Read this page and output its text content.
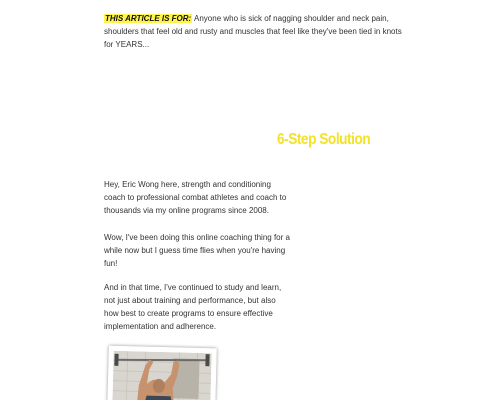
THIS ARTICLE IS FOR: Anyone who is sick of nagging shoulder and neck pain, shoulders that feel old and rusty and muscles that feel like they've been tied in knots for YEARS...

6-Step Solution

Hey, Eric Wong here, strength and conditioning coach to professional combat athletes and coach to thousands via my online programs since 2008.

Wow, I've been doing this online coaching thing for a while now but I guess time flies when you're having fun!

And in that time, I've continued to study and learn, not just about training and performance, but also how best to create programs to ensure effective implementation and adherence.
